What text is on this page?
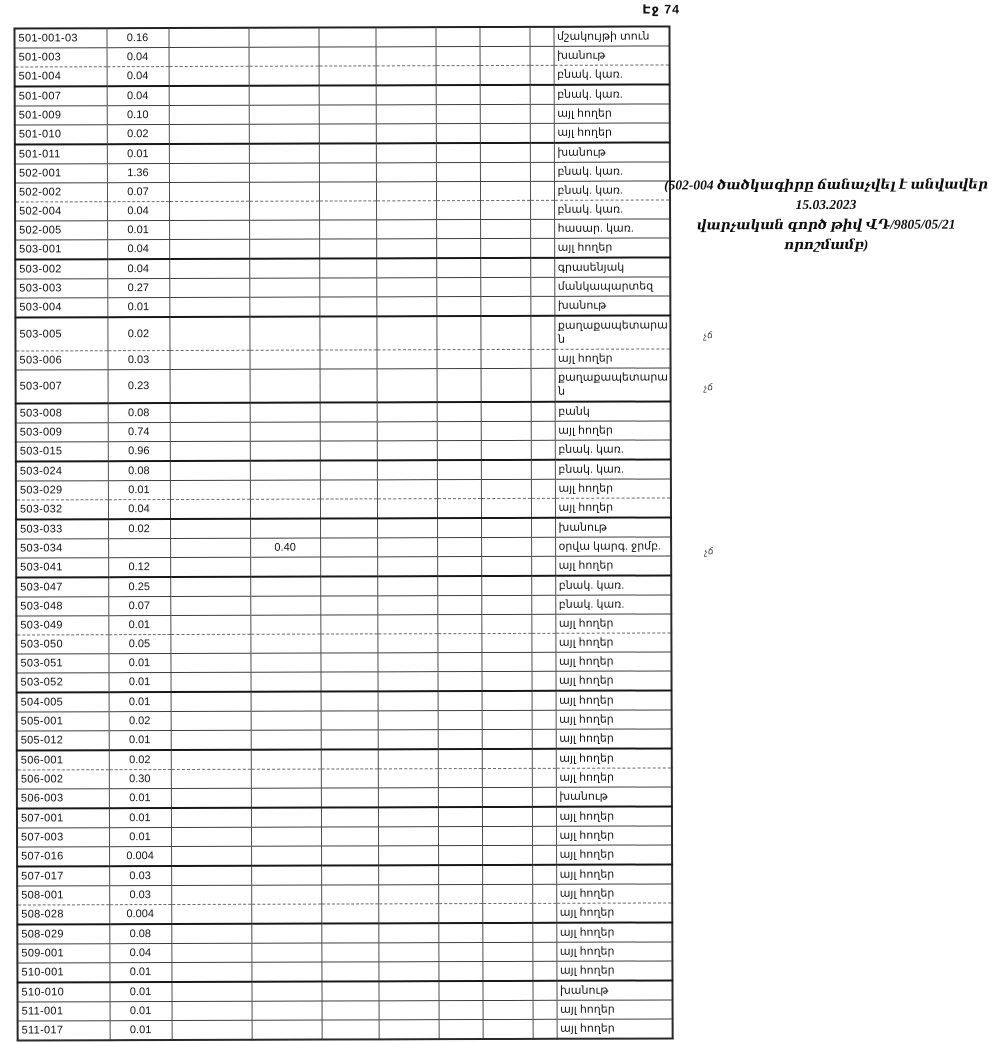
Էջ 74
501-001-03	0.16								մշակույթի տուն
501-003	0.04								խանութ
501-004	0.04								բնակ. կառ.
501-007	0.04								բնակ. կառ.
501-009	0.10								այլ հողեր
501-010	0.02								այլ հողեր
501-011	0.01								խանութ
502-001	1.36								բնակ. կառ.
502-002	0.07								բնակ. կառ.
502-004	0.04								բնակ. կառ.
502-005	0.01								հասար. կառ.
503-001	0.04								այլ հողեր
503-002	0.04								գրասենյակ
503-003	0.27								մանկապարտեզ
503-004	0.01								խանութ
503-005	0.02								քաղաքապետարա
ն չճ

503-006	0.03								այլ հողեր
503-007	0.23								քաղաքապետարա
ն չճ

503-008	0.08								բանկ
503-009	0.74								այլ հողեր
503-015	0.96								բնակ. կառ.
503-024	0.08								բնակ. կառ.
503-029	0.01								այլ հողեր
503-032	0.04								այլ հողեր
503-033	0.02								խանութ
503-034			0.40						օրվա կարգ. ջրմբ. չճ

503-041	0.12								այլ հողեր
503-047	0.25								բնակ. կառ.
503-048	0.07								բնակ. կառ.
503-049	0.01								այլ հողեր
503-050	0.05								այլ հողեր
503-051	0.01								այլ հողեր
503-052	0.01								այլ հողեր
504-005	0.01								այլ հողեր
505-001	0.02								այլ հողեր
505-012	0.01								այլ հողեր
506-001	0.02								այլ հողեր
506-002	0.30								այլ հողեր
506-003	0.01								խանութ
507-001	0.01								այլ հողեր
507-003	0.01								այլ հողեր
507-016	0.004								այլ հողեր
507-017	0.03								այլ հողեր
508-001	0.03								այլ հողեր
508-028	0.004								այլ հողեր
508-029	0.08								այլ հողեր
509-001	0.04								այլ հողեր
510-001	0.01								այլ հողեր
510-010	0.01								խանութ
511-001	0.01								այլ հողեր
511-017	0.01								այլ հողեր
(502-004 ծածկագիրը ճանաչվել է անվավեր 15.03.2023
վարչական գործ թիվ ՎԴ/9805/05/21 որոշմամբ)
